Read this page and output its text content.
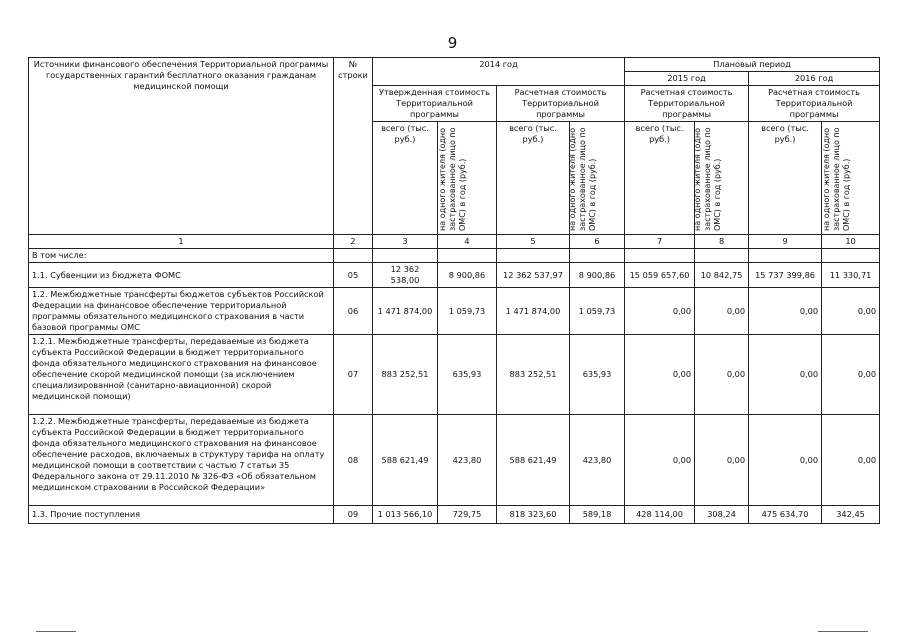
9
Источники финансового обеспечения Территориальной программы государственных гарантий бесплатного оказания гражданам медицинской помощи	№ строки	2014 год				Плановый период			
						2015 год		2016 год	
		Утвержденная стоимость Территориальной программы		Расчетная стоимость Территориальной программы		Расчетная стоимость Территориальной программы		Расчетная стоимость Территориальной программы	

		всего (тыс. руб.)	на одного жителя (одно застрахованное лицо по ОМС) в год (руб.)	всего (тыс. руб.)	на одного жителя (одно застрахованное лицо по ОМС) в год (руб.)	всего (тыс. руб.)	на одного жителя (одно застрахованное лицо по ОМС) в год (руб.)	всего (тыс. руб.)	на одного жителя (одно застрахованное лицо по ОМС) в год (руб.)

1	2	3	4	5	6	7	8	9	10
В том числе:									
1.1. Субвенции из бюджета ФОМС	05	12 362 538,00	8 900,86	12 362 537,97	8 900,86	15 059 657,60	10 842,75	15 737 399,86	11 330,71
1.2. Межбюджетные трансферты бюджетов субъектов Российской Федерации на финансовое обеспечение территориальной программы обязательного медицинского страхования в части базовой программы ОМС	06	1 471 874,00	1 059,73	1 471 874,00	1 059,73	0,00	0,00	0,00	0,00
1.2.1. Межбюджетные трансферты, передаваемые из бюджета субъекта Российской Федерации в бюджет территориального фонда обязательного медицинского страхования на финансовое обеспечение скорой медицинской помощи (за исключением специализированной (санитарно-авиационной) скорой медицинской помощи)	07	883 252,51	635,93	883 252,51	635,93	0,00	0,00	0,00	0,00
1.2.2. Межбюджетные трансферты, передаваемые из бюджета субъекта Российской Федерации в бюджет территориального фонда обязательного медицинского страхования на финансовое обеспечение расходов, включаемых в структуру тарифа на оплату медицинской помощи в соответствии с частью 7 статьи 35 Федерального закона от 29.11.2010 № 326-ФЗ «Об обязательном медицинском страховании в Российской Федерации»	08	588 621,49	423,80	588 621,49	423,80	0,00	0,00	0,00	0,00
1.3. Прочие поступления	09	1 013 566,10	729,75	818 323,60	589,18	428 114,00	308,24	475 634,70	342,45
